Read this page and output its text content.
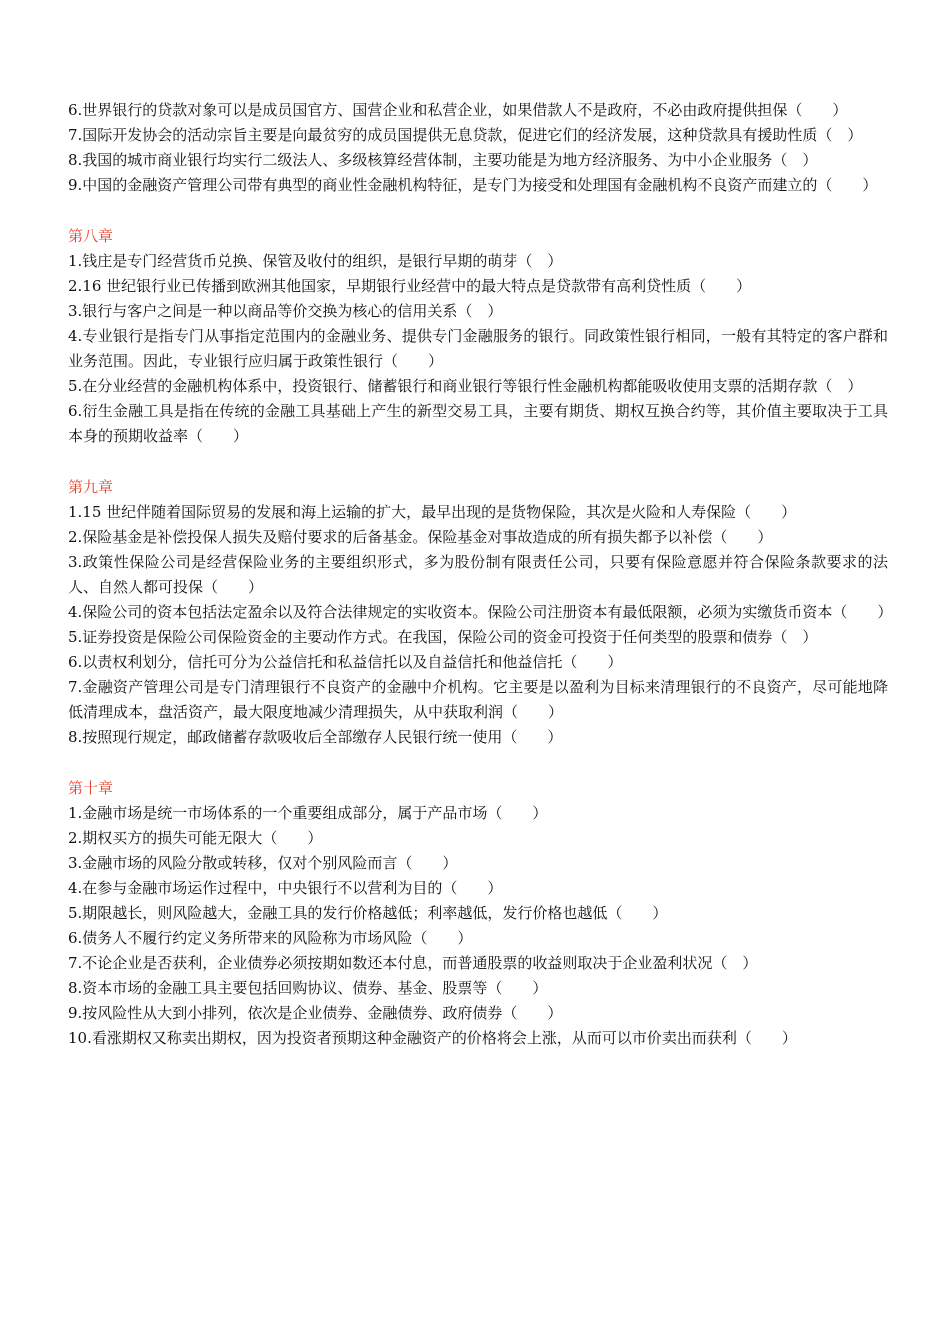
6.世界银行的贷款对象可以是成员国官方、国营企业和私营企业，如果借款人不是政府，不必由政府提供担保（　　）

7.国际开发协会的活动宗旨主要是向最贫穷的成员国提供无息贷款，促进它们的经济发展，这种贷款具有援助性质（　）

8.我国的城市商业银行均实行二级法人、多级核算经营体制，主要功能是为地方经济服务、为中小企业服务（　）

9.中国的金融资产管理公司带有典型的商业性金融机构特征，是专门为接受和处理国有金融机构不良资产而建立的（　　）

第八章

1.钱庄是专门经营货币兑换、保管及收付的组织，是银行早期的萌芽（　）

2.16 世纪银行业已传播到欧洲其他国家，早期银行业经营中的最大特点是贷款带有高利贷性质（　　）

3.银行与客户之间是一种以商品等价交换为核心的信用关系（　）

4.专业银行是指专门从事指定范围内的金融业务、提供专门金融服务的银行。同政策性银行相同，一般有其特定的客户群和业务范围。因此，专业银行应归属于政策性银行（　　）

5.在分业经营的金融机构体系中，投资银行、储蓄银行和商业银行等银行性金融机构都能吸收使用支票的活期存款（　）

6.衍生金融工具是指在传统的金融工具基础上产生的新型交易工具，主要有期货、期权互换合约等，其价值主要取决于工具本身的预期收益率（　　）

第九章

1.15 世纪伴随着国际贸易的发展和海上运输的扩大，最早出现的是货物保险，其次是火险和人寿保险（　　）

2.保险基金是补偿投保人损失及赔付要求的后备基金。保险基金对事故造成的所有损失都予以补偿（　　）

3.政策性保险公司是经营保险业务的主要组织形式，多为股份制有限责任公司，只要有保险意愿并符合保险条款要求的法人、自然人都可投保（　　）

4.保险公司的资本包括法定盈余以及符合法律规定的实收资本。保险公司注册资本有最低限额，必须为实缴货币资本（　　）

5.证券投资是保险公司保险资金的主要动作方式。在我国，保险公司的资金可投资于任何类型的股票和债券（　）

6.以责权利划分，信托可分为公益信托和私益信托以及自益信托和他益信托（　　）

7.金融资产管理公司是专门清理银行不良资产的金融中介机构。它主要是以盈利为目标来清理银行的不良资产，尽可能地降低清理成本，盘活资产，最大限度地减少清理损失，从中获取利润（　　）

8.按照现行规定，邮政储蓄存款吸收后全部缴存人民银行统一使用（　　）

第十章

1.金融市场是统一市场体系的一个重要组成部分，属于产品市场（　　）

2.期权买方的损失可能无限大（　　）

3.金融市场的风险分散或转移，仅对个别风险而言（　　）

4.在参与金融市场运作过程中，中央银行不以营利为目的（　　）

5.期限越长，则风险越大，金融工具的发行价格越低；利率越低，发行价格也越低（　　）

6.债务人不履行约定义务所带来的风险称为市场风险（　　）

7.不论企业是否获利，企业债券必须按期如数还本付息，而普通股票的收益则取决于企业盈利状况（　）

8.资本市场的金融工具主要包括回购协议、债券、基金、股票等（　　）

9.按风险性从大到小排列，依次是企业债券、金融债券、政府债券（　　）

10.看涨期权又称卖出期权，因为投资者预期这种金融资产的价格将会上涨，从而可以市价卖出而获利（　　）
